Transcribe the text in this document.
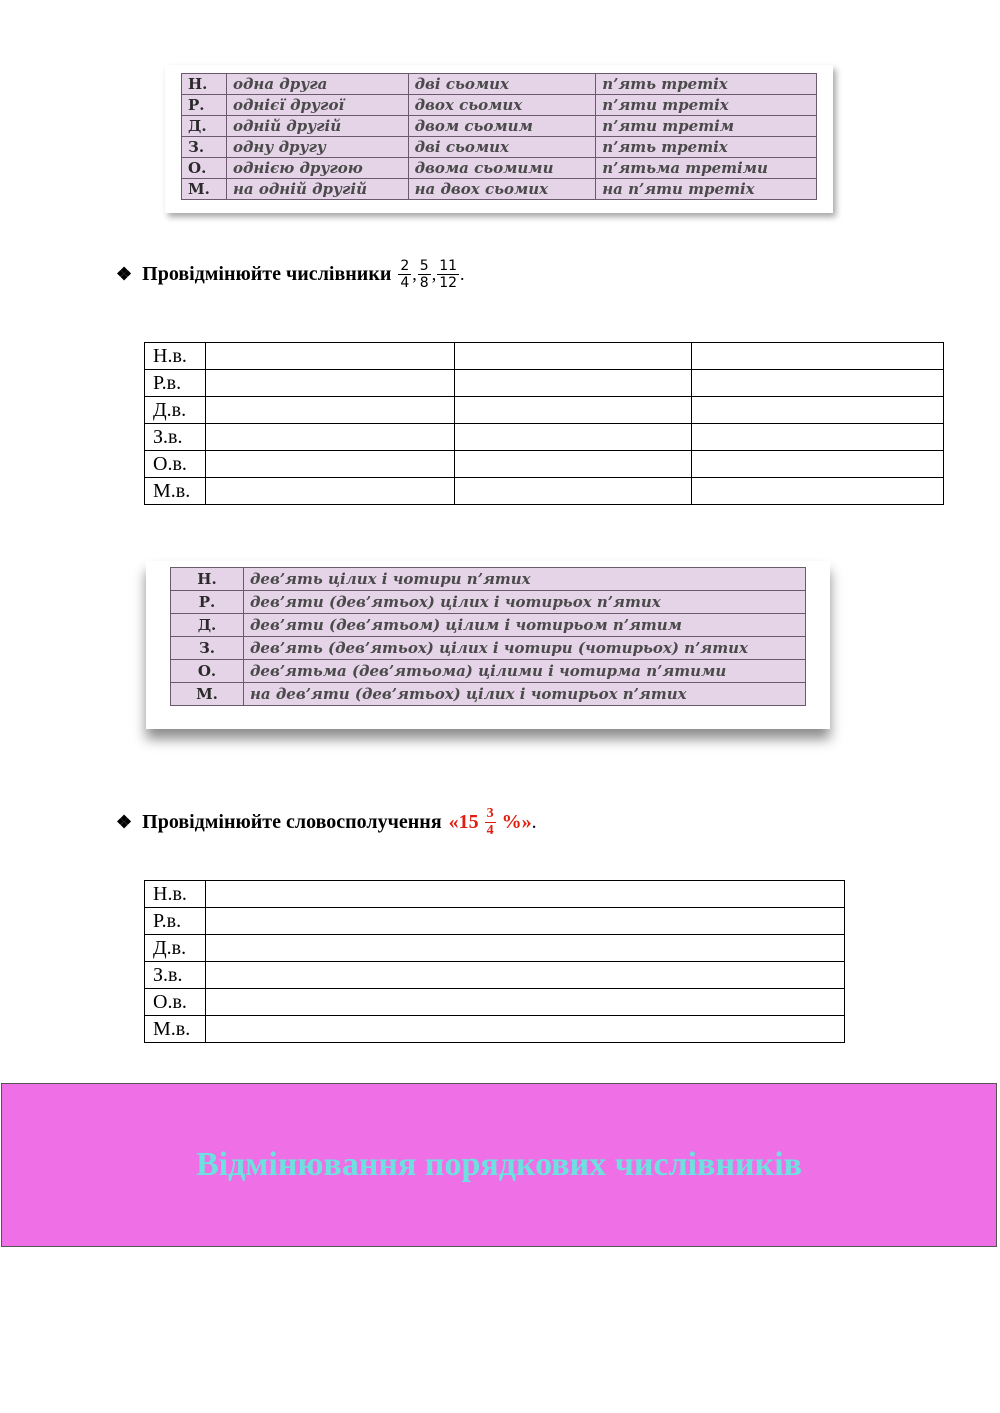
Н.	одна друга	дві сьомих	п’ять третіх
Р.	однієї другої	двох сьомих	п’яти третіх
Д.	одній другій	двом сьомим	п’яти третім
З.	одну другу	дві сьомих	п’ять третіх
О.	однією другою	двома сьомими	п’ятьма третіми
М.	на одній другій	на двох сьомих	на п’яти третіх
❖ Провідмінюйте числівники $\frac{2}{4}$ , $\frac{5}{8}$ , $\frac{11}{12}$ .
Н.в.			
Р.в.			
Д.в.			
З.в.			
О.в.			
М.в.			
Н.	дев’ять цілих і чотири п’ятих
Р.	дев’яти (дев’ятьох) цілих і чотирьох п’ятих
Д.	дев’яти (дев’ятьом) цілим і чотирьом п’ятим
З.	дев’ять (дев’ятьох) цілих і чотири (чотирьох) п’ятих
О.	дев’ятьма (дев’ятьома) цілими і чотирма п’ятими
М.	на дев’яти (дев’ятьох) цілих і чотирьох п’ятих
❖ Провідмінюйте словосполучення «$15 \frac{3}{4}$ %» .
Н.в.	
Р.в.	
Д.в.	
З.в.	
О.в.	
М.в.	
Відмінювання порядкових числівників
